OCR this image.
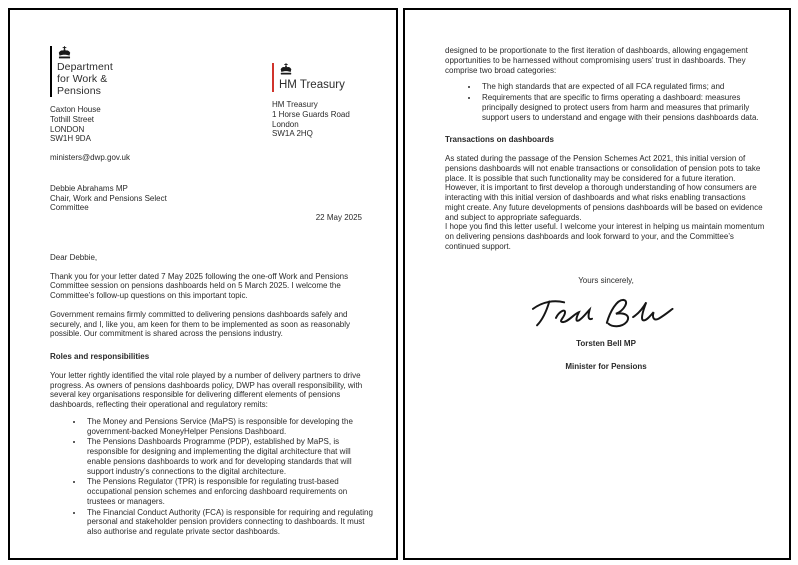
Department
for Work &
Pensions
Caxton House
Tothill Street
LONDON
SW1H 9DA
ministers@dwp.gov.uk
HM Treasury
HM Treasury
1 Horse Guards Road
London
SW1A 2HQ
Debbie Abrahams MP
Chair, Work and Pensions Select
Committee
22 May 2025
Dear Debbie,

Thank you for your letter dated 7 May 2025 following the one-off Work and Pensions Committee session on pensions dashboards held on 5 March 2025. I welcome the Committee’s follow-up questions on this important topic.

Government remains firmly committed to delivering pensions dashboards safely and securely, and I, like you, am keen for them to be implemented as soon as reasonably possible. Our commitment is shared across the pensions industry.

Roles and responsibilities

Your letter rightly identified the vital role played by a number of delivery partners to drive progress. As owners of pensions dashboards policy, DWP has overall responsibility, with several key organisations responsible for delivering different elements of pensions dashboards, reflecting their operational and regulatory remits:

• The Money and Pensions Service (MaPS) is responsible for developing the government-backed MoneyHelper Pensions Dashboard.
• The Pensions Dashboards Programme (PDP), established by MaPS, is responsible for designing and implementing the digital architecture that will enable pensions dashboards to work and for developing standards that will support industry’s connections to the digital architecture.
• The Pensions Regulator (TPR) is responsible for regulating trust-based occupational pension schemes and enforcing dashboard requirements on trustees or managers.
• The Financial Conduct Authority (FCA) is responsible for requiring and regulating personal and stakeholder pension providers connecting to dashboards. It must also authorise and regulate private sector dashboards.

designed to be proportionate to the first iteration of dashboards, allowing engagement opportunities to be harnessed without compromising users’ trust in dashboards. They comprise two broad categories:

• The high standards that are expected of all FCA regulated firms; and
• Requirements that are specific to firms operating a dashboard: measures principally designed to protect users from harm and measures that primarily support users to understand and engage with their pensions dashboards data.
Transactions on dashboards

As stated during the passage of the Pension Schemes Act 2021, this initial version of pensions dashboards will not enable transactions or consolidation of pension pots to take place. It is possible that such functionality may be considered for a future iteration. However, it is important to first develop a thorough understanding of how consumers are interacting with this initial version of dashboards and what risks enabling transactions might create. Any future developments of pensions dashboards will be based on evidence and subject to appropriate safeguards.

I hope you find this letter useful. I welcome your interest in helping us maintain momentum on delivering pensions dashboards and look forward to your, and the Committee’s continued support.

Yours sincerely,
Torsten Bell MP
Minister for Pensions
